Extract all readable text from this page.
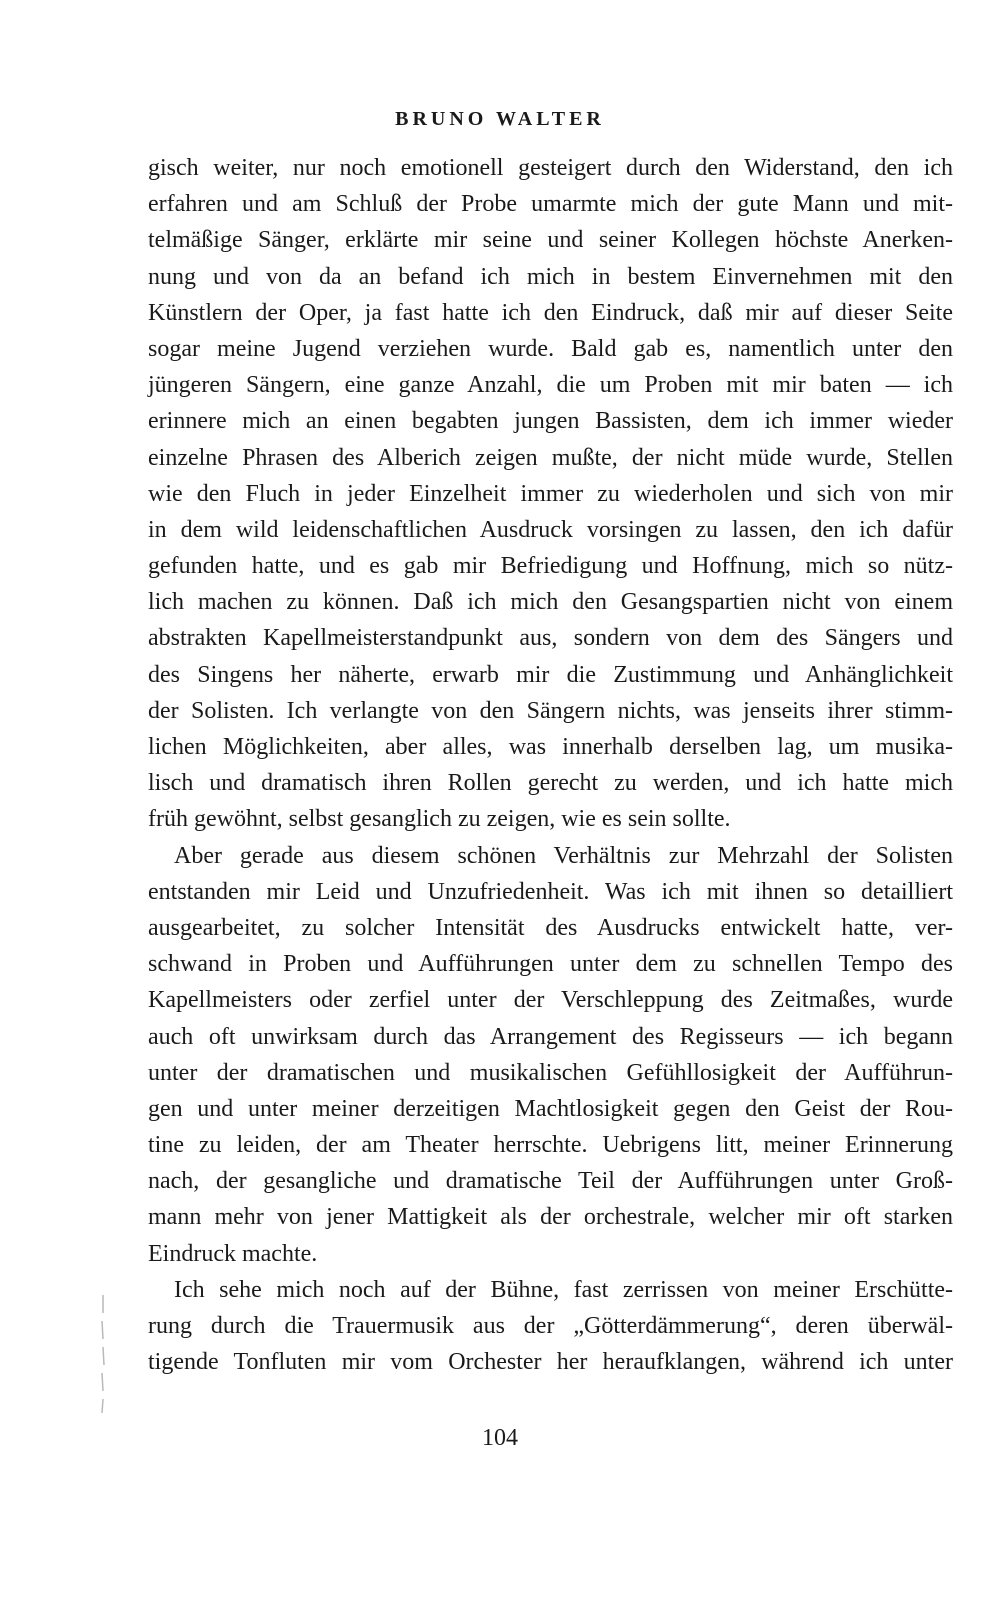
BRUNO WALTER
gisch weiter, nur noch emotionell gesteigert durch den Widerstand, den ich
erfahren und am Schluß der Probe umarmte mich der gute Mann und mit-
telmäßige Sänger, erklärte mir seine und seiner Kollegen höchste Anerken-
nung und von da an befand ich mich in bestem Einvernehmen mit den
Künstlern der Oper, ja fast hatte ich den Eindruck, daß mir auf dieser Seite
sogar meine Jugend verziehen wurde. Bald gab es, namentlich unter den
jüngeren Sängern, eine ganze Anzahl, die um Proben mit mir baten — ich
erinnere mich an einen begabten jungen Bassisten, dem ich immer wieder
einzelne Phrasen des Alberich zeigen mußte, der nicht müde wurde, Stellen
wie den Fluch in jeder Einzelheit immer zu wiederholen und sich von mir
in dem wild leidenschaftlichen Ausdruck vorsingen zu lassen, den ich dafür
gefunden hatte, und es gab mir Befriedigung und Hoffnung, mich so nütz-
lich machen zu können. Daß ich mich den Gesangspartien nicht von einem
abstrakten Kapellmeisterstandpunkt aus, sondern von dem des Sängers und
des Singens her näherte, erwarb mir die Zustimmung und Anhänglichkeit
der Solisten. Ich verlangte von den Sängern nichts, was jenseits ihrer stimm-
lichen Möglichkeiten, aber alles, was innerhalb derselben lag, um musika-
lisch und dramatisch ihren Rollen gerecht zu werden, und ich hatte mich
früh gewöhnt, selbst gesanglich zu zeigen, wie es sein sollte.
Aber gerade aus diesem schönen Verhältnis zur Mehrzahl der Solisten
entstanden mir Leid und Unzufriedenheit. Was ich mit ihnen so detailliert
ausgearbeitet, zu solcher Intensität des Ausdrucks entwickelt hatte, ver-
schwand in Proben und Aufführungen unter dem zu schnellen Tempo des
Kapellmeisters oder zerfiel unter der Verschleppung des Zeitmaßes, wurde
auch oft unwirksam durch das Arrangement des Regisseurs — ich begann
unter der dramatischen und musikalischen Gefühllosigkeit der Aufführun-
gen und unter meiner derzeitigen Machtlosigkeit gegen den Geist der Rou-
tine zu leiden, der am Theater herrschte. Uebrigens litt, meiner Erinnerung
nach, der gesangliche und dramatische Teil der Aufführungen unter Groß-
mann mehr von jener Mattigkeit als der orchestrale, welcher mir oft starken
Eindruck machte.
Ich sehe mich noch auf der Bühne, fast zerrissen von meiner Erschütte-
rung durch die Trauermusik aus der „Götterdämmerung“, deren überwäl-
tigende Tonfluten mir vom Orchester her heraufklangen, während ich unter
104
